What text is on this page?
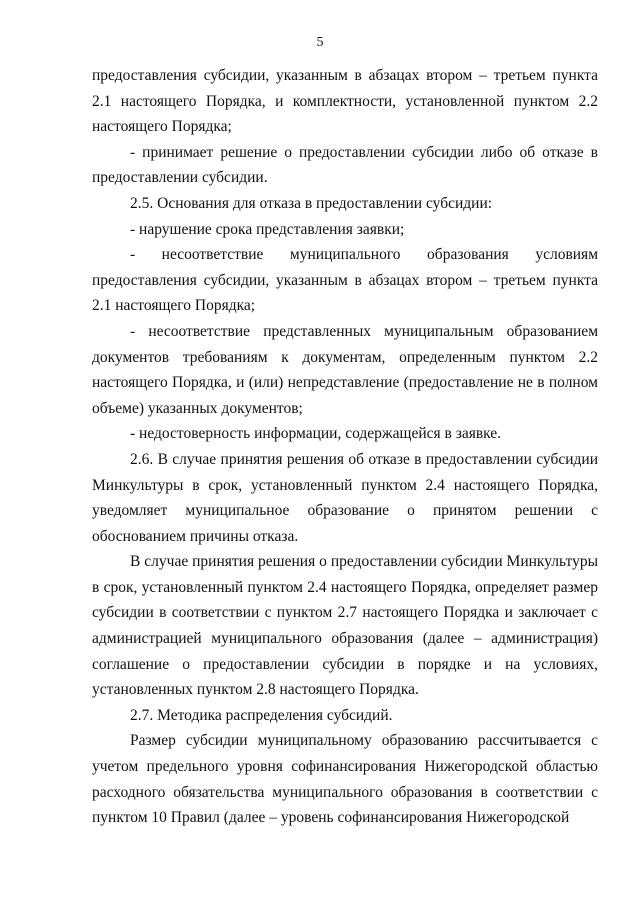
5

предоставления субсидии, указанным в абзацах втором – третьем пункта 2.1 настоящего Порядка, и комплектности, установленной пунктом 2.2 настоящего Порядка;

- принимает решение о предоставлении субсидии либо об отказе в предоставлении субсидии.

2.5. Основания для отказа в предоставлении субсидии:

- нарушение срока представления заявки;

- несоответствие муниципального образования условиям предоставления субсидии, указанным в абзацах втором – третьем пункта 2.1 настоящего Порядка;

- несоответствие представленных муниципальным образованием документов требованиям к документам, определенным пунктом 2.2 настоящего Порядка, и (или) непредставление (предоставление не в полном объеме) указанных документов;

- недостоверность информации, содержащейся в заявке.

2.6. В случае принятия решения об отказе в предоставлении субсидии Минкультуры в срок, установленный пунктом 2.4 настоящего Порядка, уведомляет муниципальное образование о принятом решении с обоснованием причины отказа.

В случае принятия решения о предоставлении субсидии Минкультуры в срок, установленный пунктом 2.4 настоящего Порядка, определяет размер субсидии в соответствии с пунктом 2.7 настоящего Порядка и заключает с администрацией муниципального образования (далее – администрация) соглашение о предоставлении субсидии в порядке и на условиях, установленных пунктом 2.8 настоящего Порядка.

2.7. Методика распределения субсидий.

Размер субсидии муниципальному образованию рассчитывается с учетом предельного уровня софинансирования Нижегородской областью расходного обязательства муниципального образования в соответствии с пунктом 10 Правил (далее – уровень софинансирования Нижегородской
